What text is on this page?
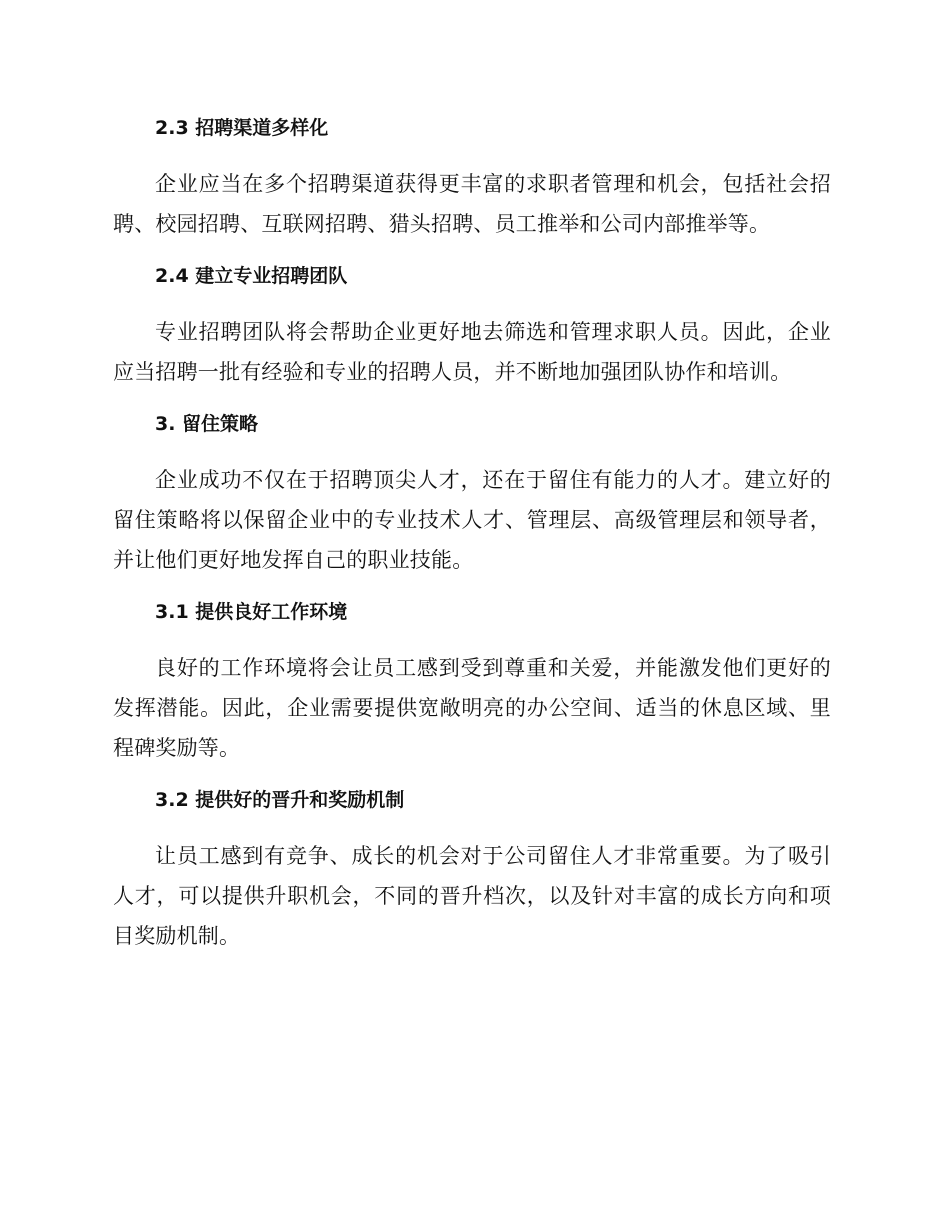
2.3 招聘渠道多样化

企业应当在多个招聘渠道获得更丰富的求职者管理和机会，包括社会招聘、校园招聘、互联网招聘、猎头招聘、员工推举和公司内部推举等。

2.4 建立专业招聘团队

专业招聘团队将会帮助企业更好地去筛选和管理求职人员。因此，企业应当招聘一批有经验和专业的招聘人员，并不断地加强团队协作和培训。

3. 留住策略

企业成功不仅在于招聘顶尖人才，还在于留住有能力的人才。建立好的留住策略将以保留企业中的专业技术人才、管理层、高级管理层和领导者，并让他们更好地发挥自己的职业技能。

3.1 提供良好工作环境

良好的工作环境将会让员工感到受到尊重和关爱，并能激发他们更好的发挥潜能。因此，企业需要提供宽敞明亮的办公空间、适当的休息区域、里程碑奖励等。

3.2 提供好的晋升和奖励机制

让员工感到有竞争、成长的机会对于公司留住人才非常重要。为了吸引人才，可以提供升职机会，不同的晋升档次，以及针对丰富的成长方向和项目奖励机制。
